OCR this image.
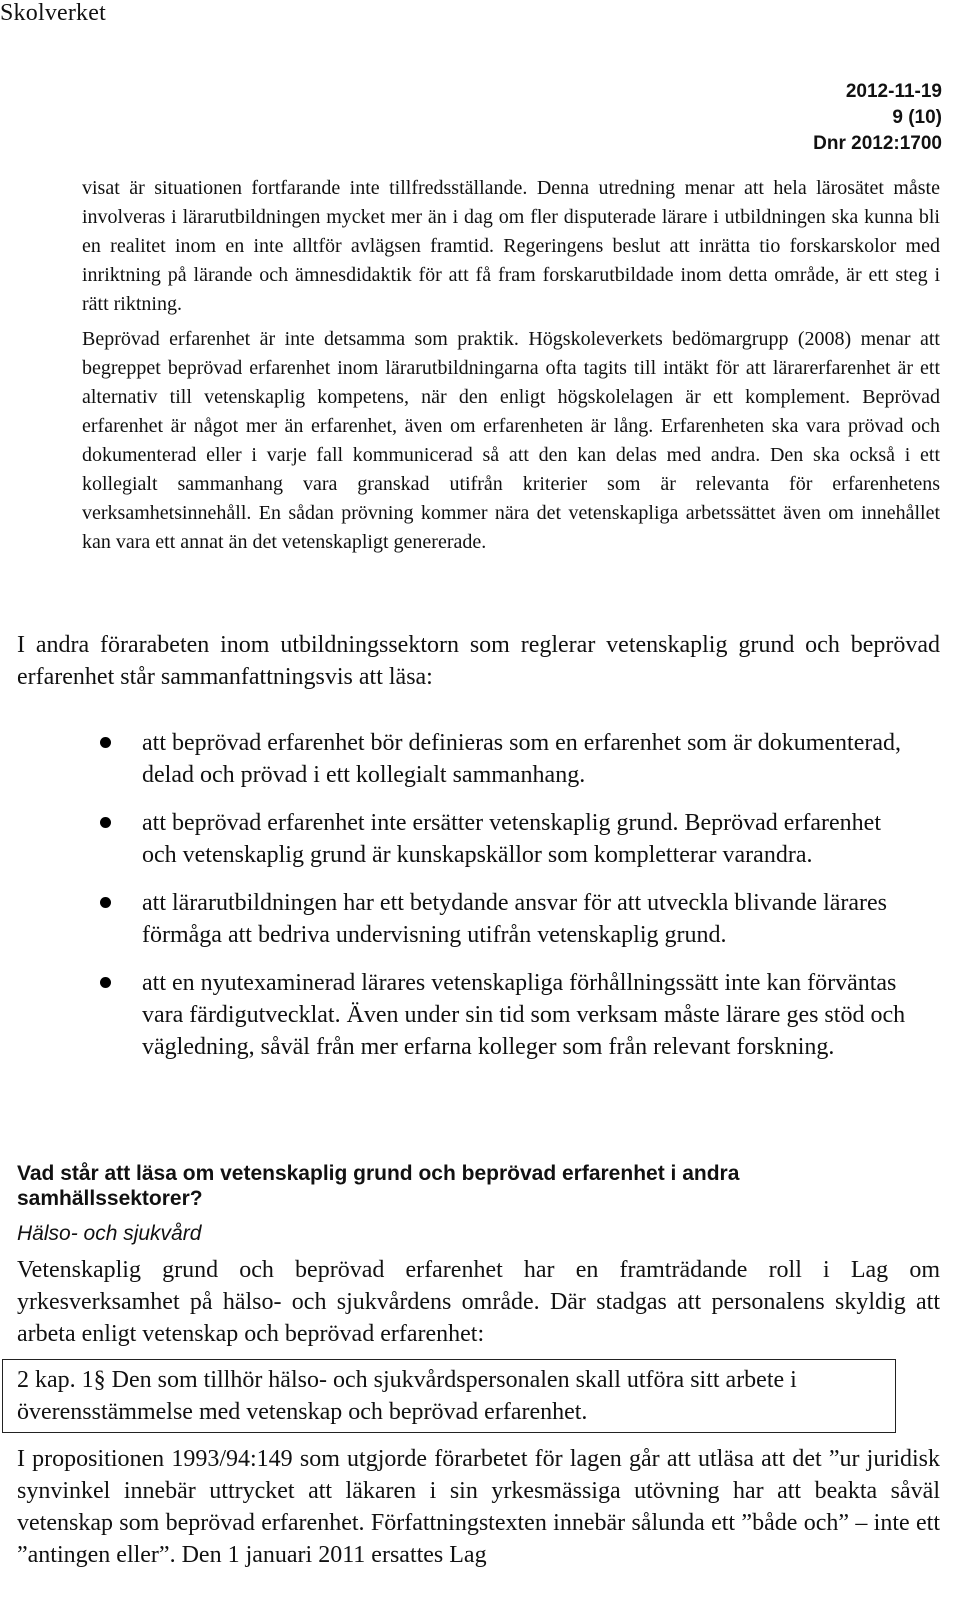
Skolverket
2012-11-19
9 (10)
Dnr 2012:1700

visat är situationen fortfarande inte tillfredsställande. Denna utredning menar att hela lärosätet måste involveras i lärarutbildningen mycket mer än i dag om fler disputerade lärare i utbildningen ska kunna bli en realitet inom en inte alltför avlägsen framtid. Regeringens beslut att inrätta tio forskarskolor med inriktning på lärande och ämnesdidaktik för att få fram forskarutbildade inom detta område, är ett steg i rätt riktning.

Beprövad erfarenhet är inte detsamma som praktik. Högskoleverkets bedömargrupp (2008) menar att begreppet beprövad erfarenhet inom lärarutbildningarna ofta tagits till intäkt för att lärarerfarenhet är ett alternativ till vetenskaplig kompetens, när den enligt högskolelagen är ett komplement. Beprövad erfarenhet är något mer än erfarenhet, även om erfarenheten är lång. Erfarenheten ska vara prövad och dokumenterad eller i varje fall kommunicerad så att den kan delas med andra. Den ska också i ett kollegialt sammanhang vara granskad utifrån kriterier som är relevanta för erfarenhetens verksamhetsinnehåll. En sådan prövning kommer nära det vetenskapliga arbetssättet även om innehållet kan vara ett annat än det vetenskapligt genererade.

I andra förarabeten inom utbildningssektorn som reglerar vetenskaplig grund och beprövad erfarenhet står sammanfattningsvis att läsa:

att beprövad erfarenhet bör definieras som en erfarenhet som är dokumenterad, delad och prövad i ett kollegialt sammanhang.
att beprövad erfarenhet inte ersätter vetenskaplig grund. Beprövad erfarenhet och vetenskaplig grund är kunskapskällor som kompletterar varandra.
att lärarutbildningen har ett betydande ansvar för att utveckla blivande lärares förmåga att bedriva undervisning utifrån vetenskaplig grund.
att en nyutexaminerad lärares vetenskapliga förhållningssätt inte kan förväntas vara färdigutvecklat. Även under sin tid som verksam måste lärare ges stöd och vägledning, såväl från mer erfarna kolleger som från relevant forskning.
Vad står att läsa om vetenskaplig grund och beprövad erfarenhet i andra samhällssektorer?
Hälso- och sjukvård

Vetenskaplig grund och beprövad erfarenhet har en framträdande roll i Lag om yrkesverksamhet på hälso- och sjukvårdens område. Där stadgas att personalens skyldig att arbeta enligt vetenskap och beprövad erfarenhet:

2 kap. 1§ Den som tillhör hälso- och sjukvårdspersonalen skall utföra sitt arbete i överensstämmelse med vetenskap och beprövad erfarenhet.

I propositionen 1993/94:149 som utgjorde förarbetet för lagen går att utläsa att det ”ur juridisk synvinkel innebär uttrycket att läkaren i sin yrkesmässiga utövning har att beakta såväl vetenskap som beprövad erfarenhet. Författningstexten innebär sålunda ett ”både och” – inte ett ”antingen eller”. Den 1 januari 2011 ersattes Lag
